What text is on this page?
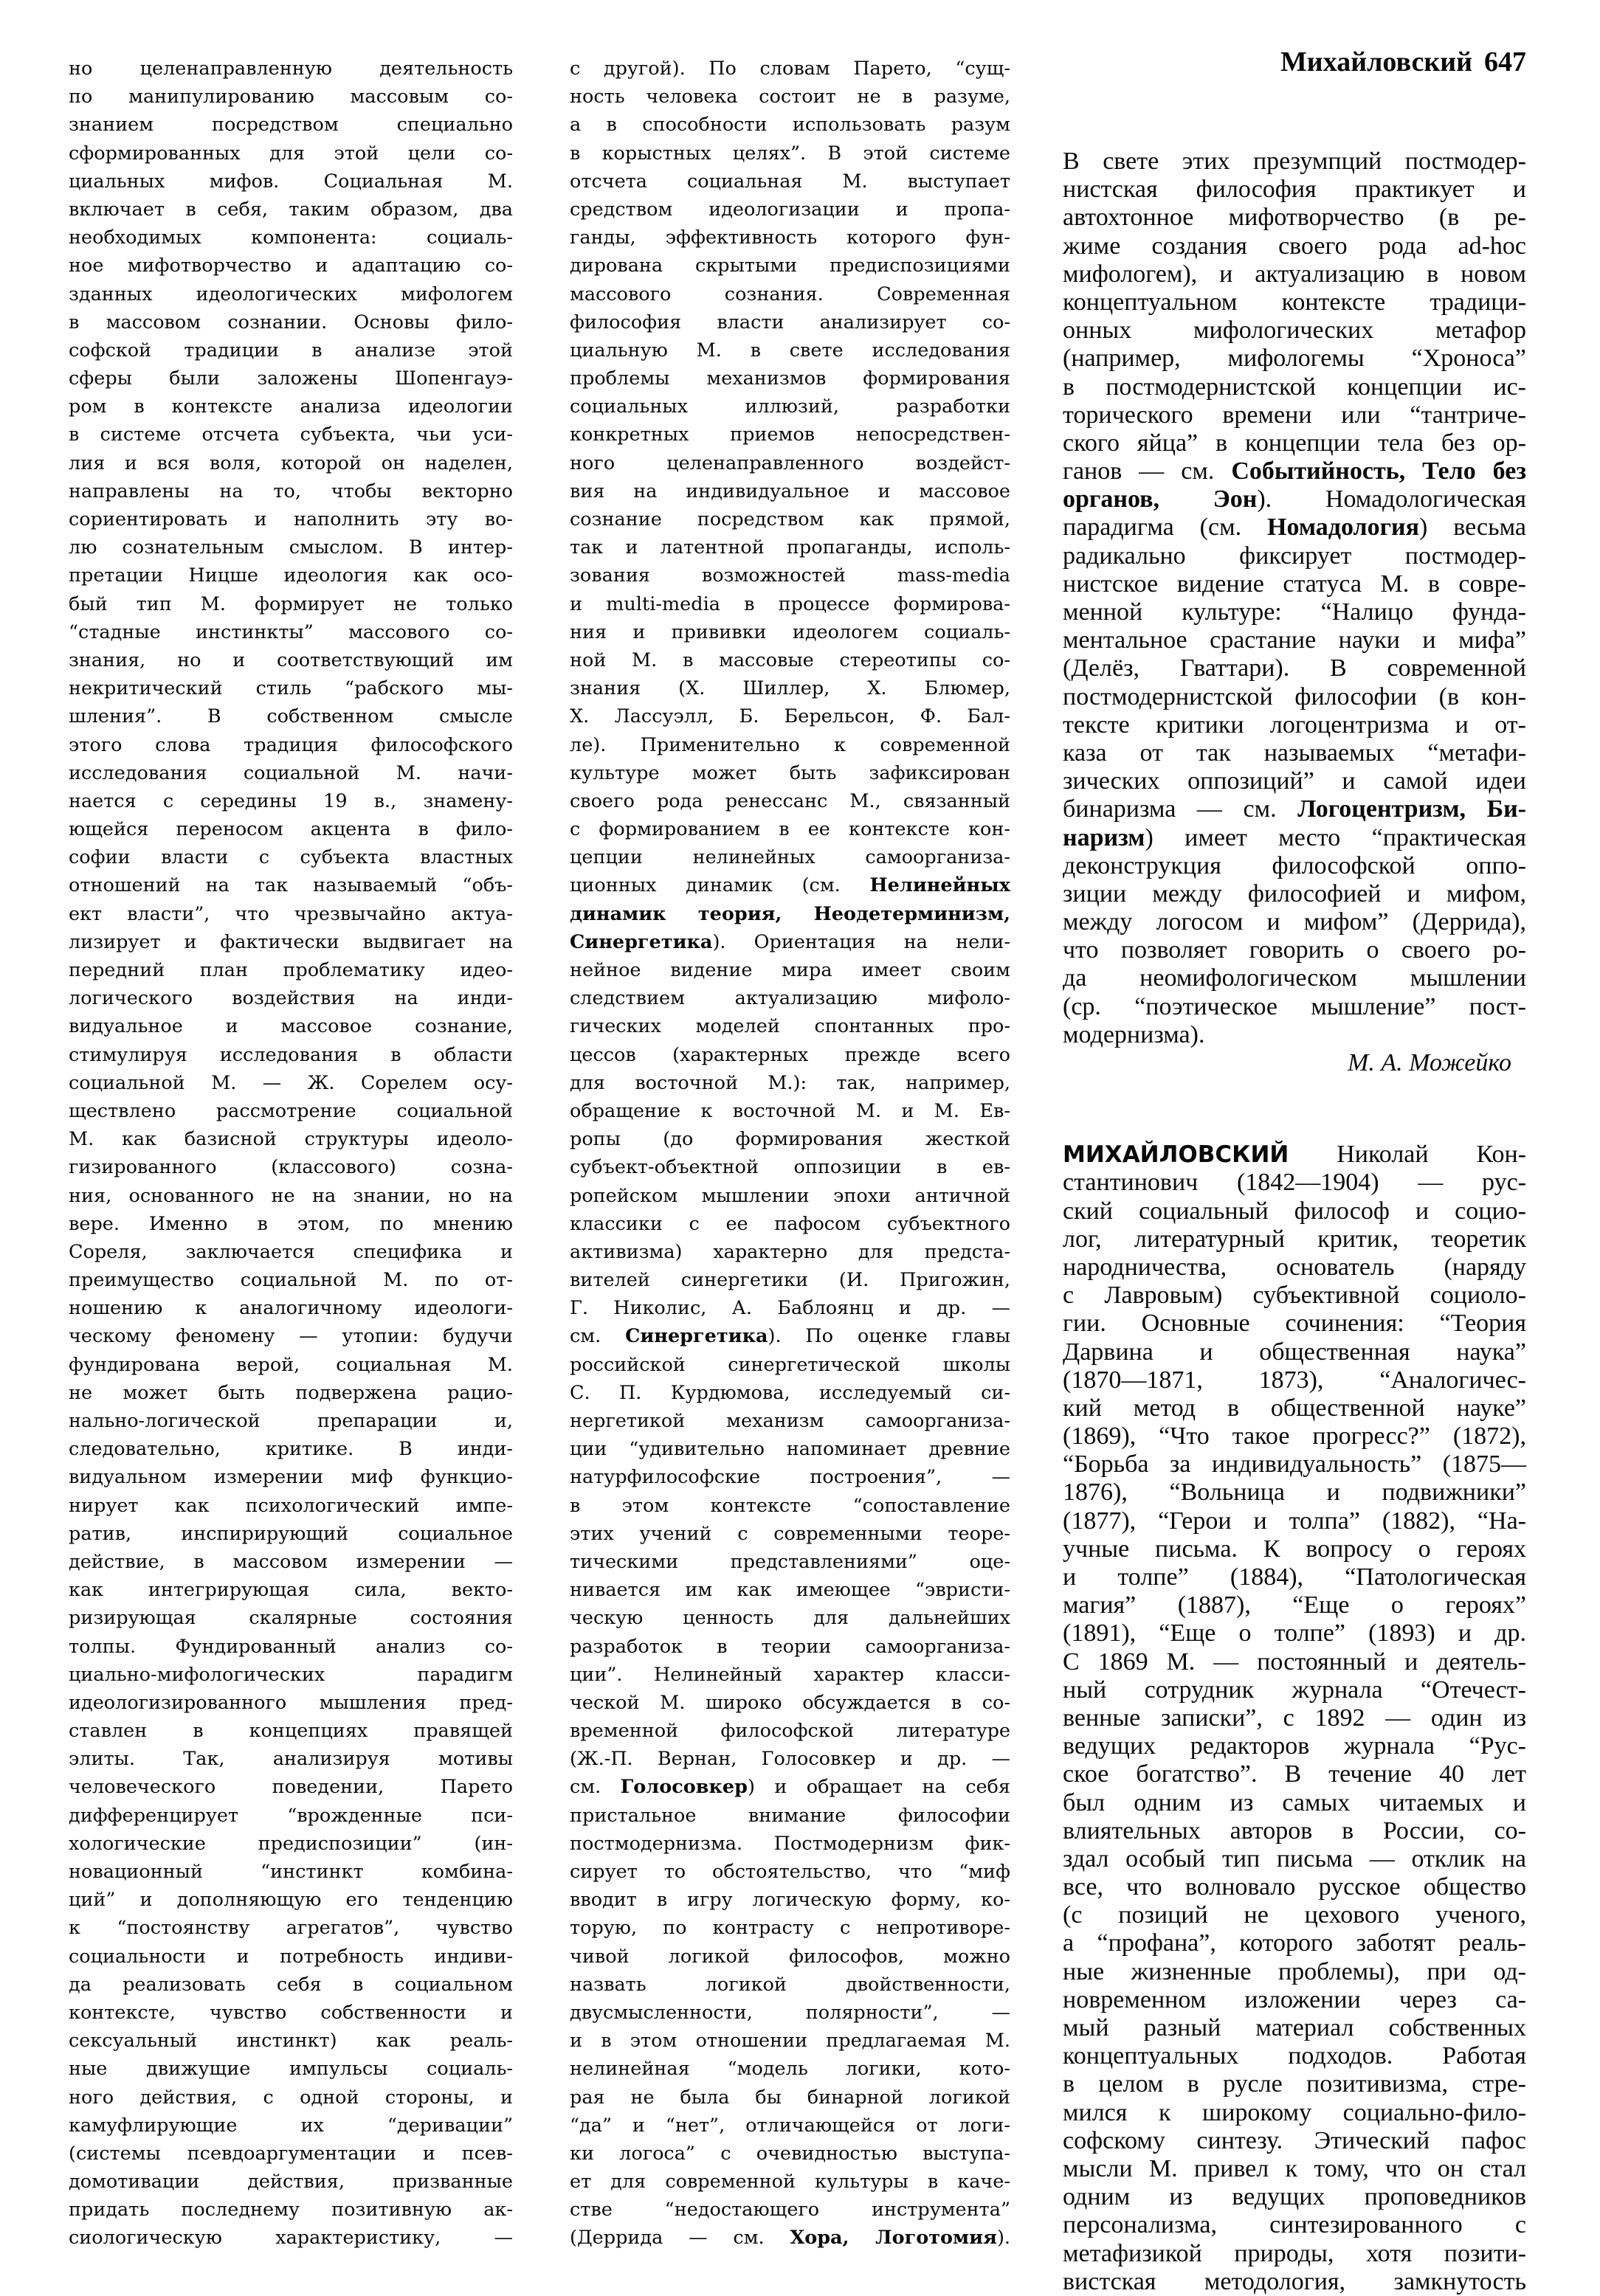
Михайловский 647
но целенаправленную деятельность
по манипулированию массовым со-
знанием посредством специально
сформированных для этой цели со-
циальных мифов. Социальная М.
включает в себя, таким образом, два
необходимых компонента: социаль-
ное мифотворчество и адаптацию со-
зданных идеологических мифологем
в массовом сознании. Основы фило-
софской традиции в анализе этой
сферы были заложены Шопенгауэ-
ром в контексте анализа идеологии
в системе отсчета субъекта, чьи уси-
лия и вся воля, которой он наделен,
направлены на то, чтобы векторно
сориентировать и наполнить эту во-
лю сознательным смыслом. В интер-
претации Ницше идеология как осо-
бый тип М. формирует не только
“стадные инстинкты” массового со-
знания, но и соответствующий им
некритический стиль “рабского мы-
шления”. В собственном смысле
этого слова традиция философского
исследования социальной М. начи-
нается с середины 19 в., знамену-
ющейся переносом акцента в фило-
софии власти с субъекта властных
отношений на так называемый “объ-
ект власти”, что чрезвычайно актуа-
лизирует и фактически выдвигает на
передний план проблематику идео-
логического воздействия на инди-
видуальное и массовое сознание,
стимулируя исследования в области
социальной М. — Ж. Сорелем осу-
ществлено рассмотрение социальной
М. как базисной структуры идеоло-
гизированного (классового) созна-
ния, основанного не на знании, но на
вере. Именно в этом, по мнению
Сореля, заключается специфика и
преимущество социальной М. по от-
ношению к аналогичному идеологи-
ческому феномену — утопии: будучи
фундирована верой, социальная М.
не может быть подвержена рацио-
нально-логической препарации и,
следовательно, критике. В инди-
видуальном измерении миф функцио-
нирует как психологический импе-
ратив, инспирирующий социальное
действие, в массовом измерении —
как интегрирующая сила, векто-
ризирующая скалярные состояния
толпы. Фундированный анализ со-
циально-мифологических парадигм
идеологизированного мышления пред-
ставлен в концепциях правящей
элиты. Так, анализируя мотивы
человеческого поведении, Парето
дифференцирует “врожденные пси-
хологические предиспозиции” (ин-
новационный “инстинкт комбина-
ций” и дополняющую его тенденцию
к “постоянству агрегатов”, чувство
социальности и потребность индиви-
да реализовать себя в социальном
контексте, чувство собственности и
сексуальный инстинкт) как реаль-
ные движущие импульсы социаль-
ного действия, с одной стороны, и
камуфлирующие их “деривации”
(системы псевдоаргументации и псев-
домотивации действия, призванные
придать последнему позитивную ак-
сиологическую характеристику, —
с другой). По словам Парето, “сущ-
ность человека состоит не в разуме,
а в способности использовать разум
в корыстных целях”. В этой системе
отсчета социальная М. выступает
средством идеологизации и пропа-
ганды, эффективность которого фун-
дирована скрытыми предиспозициями
массового сознания. Современная
философия власти анализирует со-
циальную М. в свете исследования
проблемы механизмов формирования
социальных иллюзий, разработки
конкретных приемов непосредствен-
ного целенаправленного воздейст-
вия на индивидуальное и массовое
сознание посредством как прямой,
так и латентной пропаганды, исполь-
зования возможностей mass-media
и multi-media в процессе формирова-
ния и прививки идеологем социаль-
ной М. в массовые стереотипы со-
знания (Х. Шиллер, Х. Блюмер,
Х. Лассуэлл, Б. Берельсон, Ф. Бал-
ле). Применительно к современной
культуре может быть зафиксирован
своего рода ренессанс М., связанный
с формированием в ее контексте кон-
цепции нелинейных самоорганиза-
ционных динамик (см. Нелинейных
динамик теория, Неодетерминизм,
Синергетика). Ориентация на нели-
нейное видение мира имеет своим
следствием актуализацию мифоло-
гических моделей спонтанных про-
цессов (характерных прежде всего
для восточной М.): так, например,
обращение к восточной М. и М. Ев-
ропы (до формирования жесткой
субъект-объектной оппозиции в ев-
ропейском мышлении эпохи античной
классики с ее пафосом субъектного
активизма) характерно для предста-
вителей синергетики (И. Пригожин,
Г. Николис, А. Баблоянц и др. —
см. Синергетика). По оценке главы
российской синергетической школы
С. П. Курдюмова, исследуемый си-
нергетикой механизм самоорганиза-
ции “удивительно напоминает древние
натурфилософские построения”, —
в этом контексте “сопоставление
этих учений с современными теоре-
тическими представлениями” оце-
нивается им как имеющее “эвристи-
ческую ценность для дальнейших
разработок в теории самоорганиза-
ции”. Нелинейный характер класси-
ческой М. широко обсуждается в со-
временной философской литературе
(Ж.-П. Вернан, Голосовкер и др. —
см. Голосовкер) и обращает на себя
пристальное внимание философии
постмодернизма. Постмодернизм фик-
сирует то обстоятельство, что “миф
вводит в игру логическую форму, ко-
торую, по контрасту с непротиворе-
чивой логикой философов, можно
назвать логикой двойственности,
двусмысленности, полярности”, —
и в этом отношении предлагаемая М.
нелинейная “модель логики, кото-
рая не была бы бинарной логикой
“да” и “нет”, отличающейся от логи-
ки логоса” с очевидностью выступа-
ет для современной культуры в каче-
стве “недостающего инструмента”
(Деррида — см. Хора, Логотомия).
В свете этих презумпций постмодер-
нистская философия практикует и
автохтонное мифотворчество (в ре-
жиме создания своего рода ad-hoc
мифологем), и актуализацию в новом
концептуальном контексте традици-
онных мифологических метафор
(например, мифологемы “Хроноса”
в постмодернистской концепции ис-
торического времени или “тантриче-
ского яйца” в концепции тела без ор-
ганов — см. Событийность, Тело без
органов, Эон). Номадологическая
парадигма (см. Номадология) весьма
радикально фиксирует постмодер-
нистское видение статуса М. в совре-
менной культуре: “Налицо фунда-
ментальное срастание науки и мифа”
(Делёз, Гваттари). В современной
постмодернистской философии (в кон-
тексте критики логоцентризма и от-
каза от так называемых “метафи-
зических оппозиций” и самой идеи
бинаризма — см. Логоцентризм, Би-
наризм) имеет место “практическая
деконструкция философской оппо-
зиции между философией и мифом,
между логосом и мифом” (Деррида),
что позволяет говорить о своего ро-
да неомифологическом мышлении
(ср. “поэтическое мышление” пост-
модернизма).
М. А. Можейко
МИХАЙЛОВСКИЙ Николай Кон-
стантинович (1842—1904) — рус-
ский социальный философ и социо-
лог, литературный критик, теоретик
народничества, основатель (наряду
с Лавровым) субъективной социоло-
гии. Основные сочинения: “Теория
Дарвина и общественная наука”
(1870—1871, 1873), “Аналогичес-
кий метод в общественной науке”
(1869), “Что такое прогресс?” (1872),
“Борьба за индивидуальность” (1875—
1876), “Вольница и подвижники”
(1877), “Герои и толпа” (1882), “На-
учные письма. К вопросу о героях
и толпе” (1884), “Патологическая
магия” (1887), “Еще о героях”
(1891), “Еще о толпе” (1893) и др.
С 1869 М. — постоянный и деятель-
ный сотрудник журнала “Отечест-
венные записки”, с 1892 — один из
ведущих редакторов журнала “Рус-
ское богатство”. В течение 40 лет
был одним из самых читаемых и
влиятельных авторов в России, со-
здал особый тип письма — отклик на
все, что волновало русское общество
(с позиций не цехового ученого,
а “профана”, которого заботят реаль-
ные жизненные проблемы), при од-
новременном изложении через са-
мый разный материал собственных
концептуальных подходов. Работая
в целом в русле позитивизма, стре-
мился к широкому социально-фило-
софскому синтезу. Этический пафос
мысли М. привел к тому, что он стал
одним из ведущих проповедников
персонализма, синтезированного с
метафизикой природы, хотя позити-
вистская методология, замкнутость
